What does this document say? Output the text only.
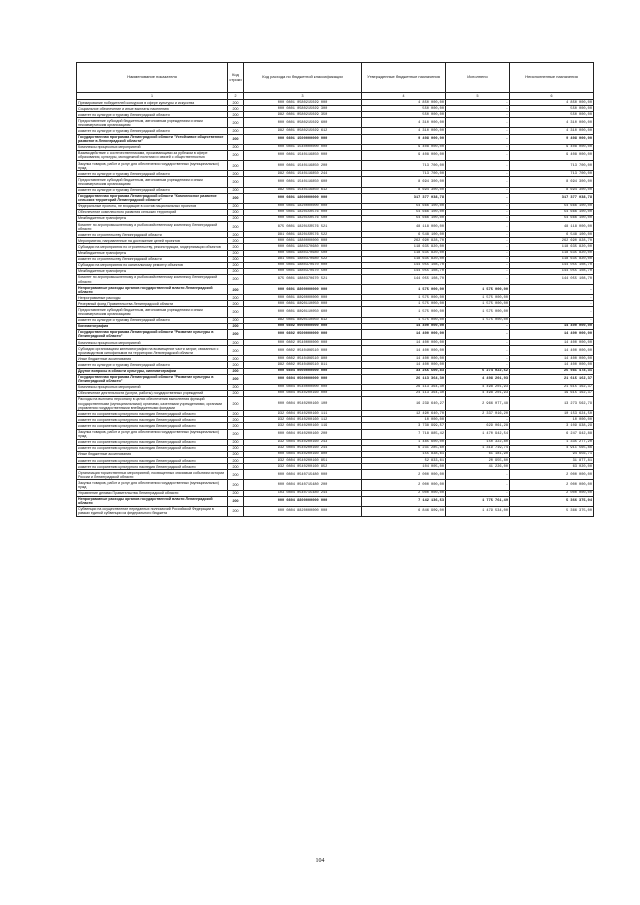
Наименование показателя	Код строки	Код расхода по бюджетной классификации	Утвержденные бюджетные назначения	Исполнено	Неисполненные назначения
1	2	3	4	5	6
Премирование победителей конкурсов в сфере культуры и искусства	200	000 0801 0580215029 000	4 850 000,00	-	4 850 000,00
Социальное обеспечение и иные выплаты населению	200	000 0801 0580215029 300	550 000,00	-	550 000,00
комитет по культуре и туризму Ленинградской области	200	982 0801 0580215029 350	550 000,00	-	550 000,00
Предоставление субсидий бюджетным, автономным учреждениям и иным некоммерческим организациям	200	000 0801 0580215029 600	4 310 000,00	-	4 310 000,00
комитет по культуре и туризму Ленинградской области	200	982 0801 0580215029 612	4 310 000,00	-	4 310 000,00
Государственная программа Ленинградской области "Устойчивое общественное развитие в Ленинградской области"	200	000 0801 1500000000 000	9 408 000,00	-	9 408 000,00
Комплексы процессных мероприятий	200	000 0801 1540000000 000	9 408 000,00	-	9 408 000,00
Взаимодействие с соотечественниками, проживающими за рубежом в сфере образования, культуры, молодежной политики и связей с общественностью	200	000 0801 1540116850 000	9 408 000,00	-	9 408 000,00
Закупка товаров, работ и услуг для обеспечения государственных (муниципальных) нужд	200	000 0801 1540116850 200	713 700,00	-	713 700,00
комитет по культуре и туризму Ленинградской области	200	982 0801 1540116850 244	713 700,00	-	713 700,00
Предоставление субсидий бюджетным, автономным учреждениям и иным некоммерческим организациям	200	000 0801 1540116850 600	8 694 300,00	-	8 694 300,00
комитет по культуре и туризму Ленинградской области	200	982 0801 1540116850 612	8 694 300,00	-	8 694 300,00
Государственная программа Ленинградской области "Комплексное развитие сельских территорий Ленинградской области"	200	000 0801 1800000000 000	317 377 038,78	-	317 377 038,78
Федеральные проекты, не входящие в состав национальных проектов	200	000 0801 1820000000 000	54 666 100,00	-	54 666 100,00
Обеспечение комплексного развития сельских территорий	200	000 0801 182015R576 000	54 666 100,00	-	54 666 100,00
Межбюджетные трансферты	200	000 0801 182015R576 500	54 666 100,00	-	54 666 100,00
Комитет по агропромышленному и рыбохозяйственному комплексу Ленинградской области	200	875 0801 182015R576 521	48 118 000,00	-	48 118 000,00
комитет по строительству Ленинградской области	200	981 0801 182015R576 522	6 548 100,00	-	6 548 100,00
Мероприятия, направленные на достижение целей проектов	200	000 0801 1880000000 000	262 690 828,70	-	262 690 828,70
Субсидии на мероприятия по строительству, реконструкции, модернизации объектов	200	000 0801 1880370680 000	118 635 820,00	-	118 635 820,00
Межбюджетные трансферты	200	000 0801 1880370680 500	118 635 820,00	-	118 635 820,00
комитет по строительству Ленинградской области	200	981 0801 1880370680 522	118 635 820,00	-	118 635 820,00
Субсидии на мероприятия по капитальному ремонту объектов	200	000 0801 1880370670 000	144 055 108,70	-	144 055 108,70
Межбюджетные трансферты	200	000 0801 1880370670 500	144 055 108,70	-	144 055 108,70
Комитет по агропромышленному и рыбохозяйственному комплексу Ленинградской области	200	875 0801 1880370670 521	144 055 108,70	-	144 055 108,70
Непрограммные расходы органов государственной власти Ленинградской области	200	000 0801 8800000000 000	1 575 000,00	1 575 000,00	-
Непрограммные расходы	200	000 0801 8890000000 000	1 575 000,00	1 575 000,00	-
Резервный фонд Правительства Ленинградской области	200	000 0801 8890110050 000	1 575 000,00	1 575 000,00	-
Предоставление субсидий бюджетным, автономным учреждениям и иным некоммерческим организациям	200	000 0801 8890110050 600	1 575 000,00	1 575 000,00	-
комитет по культуре и туризму Ленинградской области	200	982 0801 8890110050 612	1 575 000,00	1 575 000,00	-
Кинематография	200	000 0802 0000000000 000	14 400 000,00	-	14 400 000,00
Государственная программа Ленинградской области "Развитие культуры в Ленинградской области"	200	000 0802 0500000000 000	14 400 000,00	-	14 400 000,00
Комплексы процессных мероприятий	200	000 0802 0540000000 000	14 400 000,00	-	14 400 000,00
Субсидии организациям кинематографии на возмещение части затрат, связанных с производством кинофильмов на территории Ленинградской области	200	000 0802 0540406510 000	14 400 000,00	-	14 400 000,00
Иные бюджетные ассигнования	200	000 0802 0540406510 800	14 400 000,00	-	14 400 000,00
комитет по культуре и туризму Ленинградской области	200	982 0802 0540406510 811	14 400 000,00	-	14 400 000,00
Другие вопросы в области культуры, кинематографии	200	000 0804 0000000000 000	33 255 500,83	6 274 022,52	26 981 478,31
Государственная программа Ленинградской области "Развитие культуры в Ленинградской области"	200	000 0804 0500000000 000	26 113 364,30	4 498 201,93	21 615 162,37
Комплексы процессных мероприятий	200	000 0804 0540000000 000	26 113 364,30	4 498 201,93	21 615 162,37
Обеспечение деятельности (услуги, работы) государственных учреждений	200	000 0804 0540200160 000	24 113 364,30	4 498 201,93	19 615 162,37
Расходы на выплаты персоналу в целях обеспечения выполнения функций государственными (муниципальными) органами, казенными учреждениями, органами управления государственными внебюджетными фондами	200	000 0804 0540200160 100	16 239 640,27	2 966 077,48	13 273 562,79
комитет по сохранению культурного наследия Ленинградской области	200	932 0804 0540200160 111	12 490 640,70	2 337 016,20	10 153 624,50
комитет по сохранению культурного наследия Ленинградской области	200	932 0804 0540200160 112	10 000,00	-	10 000,00
комитет по сохранению культурного наследия Ленинградской области	200	932 0804 0540200160 119	3 738 999,57	629 061,28	3 109 938,29
Закупка товаров, работ и услуг для обеспечения государственных (муниципальных) нужд	200	000 0804 0540200160 200	7 718 885,42	1 470 942,54	6 247 942,88
комитет по сохранению культурного наследия Ленинградской области	200	932 0804 0540200160 243	1 485 600,00	150 322,80	1 335 277,20
комитет по сохранению культурного наследия Ленинградской области	200	932 0804 0540200160 244	6 231 285,60	1 319 719,74	4 911 565,86
Иные бюджетные ассигнования	200	000 0804 0540200160 800	155 838,61	61 181,90	94 656,71
комитет по сохранению культурного наследия Ленинградской области	200	932 0804 0540200160 851	52 833,61	20 955,80	31 877,81
комитет по сохранению культурного наследия Ленинградской области	200	932 0804 0540200160 852	104 005,00	41 226,00	63 020,00
Организация торжественных мероприятий, посвященных значимым событиям истории России и Ленинградской области	200	000 0804 0540715480 000	2 000 000,00	-	2 000 000,00
Закупка товаров, работ и услуг для обеспечения государственных (муниципальных) нужд	200	000 0804 0540715480 200	2 000 000,00	-	2 000 000,00
Управление делами Правительства Ленинградской области	200	103 0804 0540715480 244	2 000 000,00	-	2 000 000,00
Непрограммные расходы органов государственной власти Ленинградской области	200	000 0804 8800000000 000	7 142 136,53	1 775 761,49	5 366 375,04
Субвенции на осуществление переданных полномочий Российской Федерации в рамках единой субвенции из федерального бюджета	200	000 0804 8820000000 000	6 846 909,00	1 479 534,00	5 366 375,00
104
